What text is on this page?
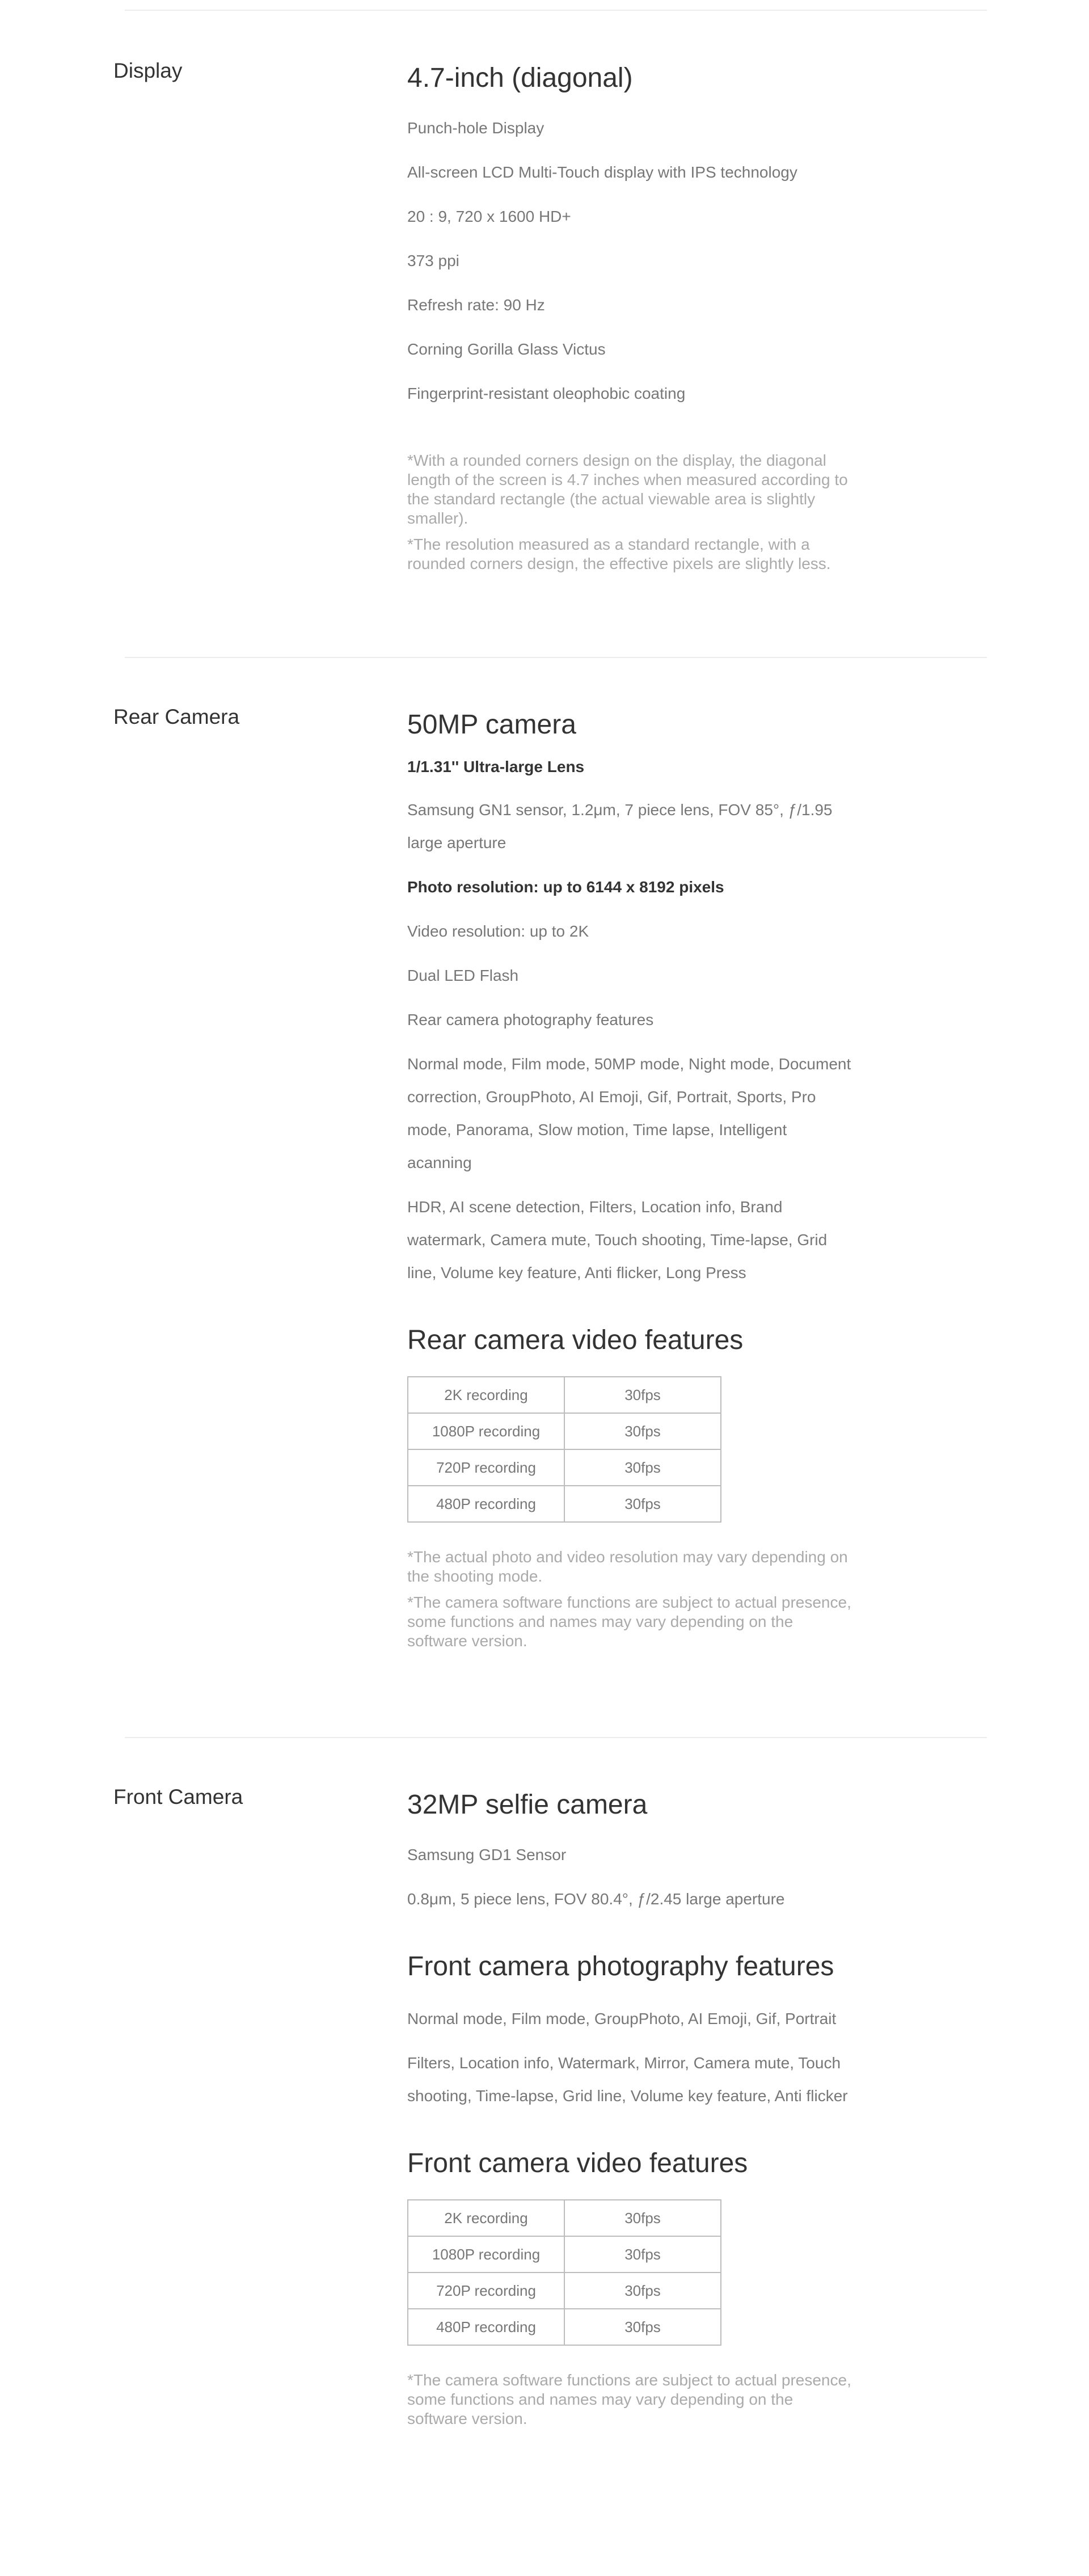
Display	4.7-inch (diagonal)
Punch-hole Display
All-screen LCD Multi-Touch display with IPS technology
20 : 9, 720 x 1600 HD+
373 ppi
Refresh rate: 90 Hz
Corning Gorilla Glass Victus
Fingerprint-resistant oleophobic coating
*With a rounded corners design on the display, the diagonal length of the screen is 4.7 inches when measured according to the standard rectangle (the actual viewable area is slightly smaller).
*The resolution measured as a standard rectangle, with a rounded corners design, the effective pixels are slightly less.
Rear Camera	50MP camera
1/1.31'' Ultra-large Lens
Samsung GN1 sensor, 1.2μm, 7 piece lens, FOV 85°, ƒ/1.95 large aperture
Photo resolution: up to 6144 x 8192 pixels
Video resolution: up to 2K
Dual LED Flash
Rear camera photography features
Normal mode, Film mode, 50MP mode, Night mode, Document correction, GroupPhoto, AI Emoji, Gif, Portrait, Sports, Pro mode, Panorama, Slow motion, Time lapse, Intelligent acanning
HDR, AI scene detection, Filters, Location info, Brand watermark, Camera mute, Touch shooting, Time-lapse, Grid line, Volume key feature, Anti flicker, Long Press
Rear camera video features
2K recording	30fps
1080P recording	30fps
720P recording	30fps
480P recording	30fps
*The actual photo and video resolution may vary depending on the shooting mode.
*The camera software functions are subject to actual presence, some functions and names may vary depending on the software version.
Front Camera	32MP selfie camera
Samsung GD1 Sensor
0.8μm, 5 piece lens, FOV 80.4°, ƒ/2.45 large aperture
Front camera photography features
Normal mode, Film mode, GroupPhoto, AI Emoji, Gif, Portrait
Filters, Location info, Watermark, Mirror, Camera mute, Touch shooting, Time-lapse, Grid line, Volume key feature, Anti flicker
Front camera video features
2K recording	30fps
1080P recording	30fps
720P recording	30fps
480P recording	30fps
*The camera software functions are subject to actual presence, some functions and names may vary depending on the software version.
